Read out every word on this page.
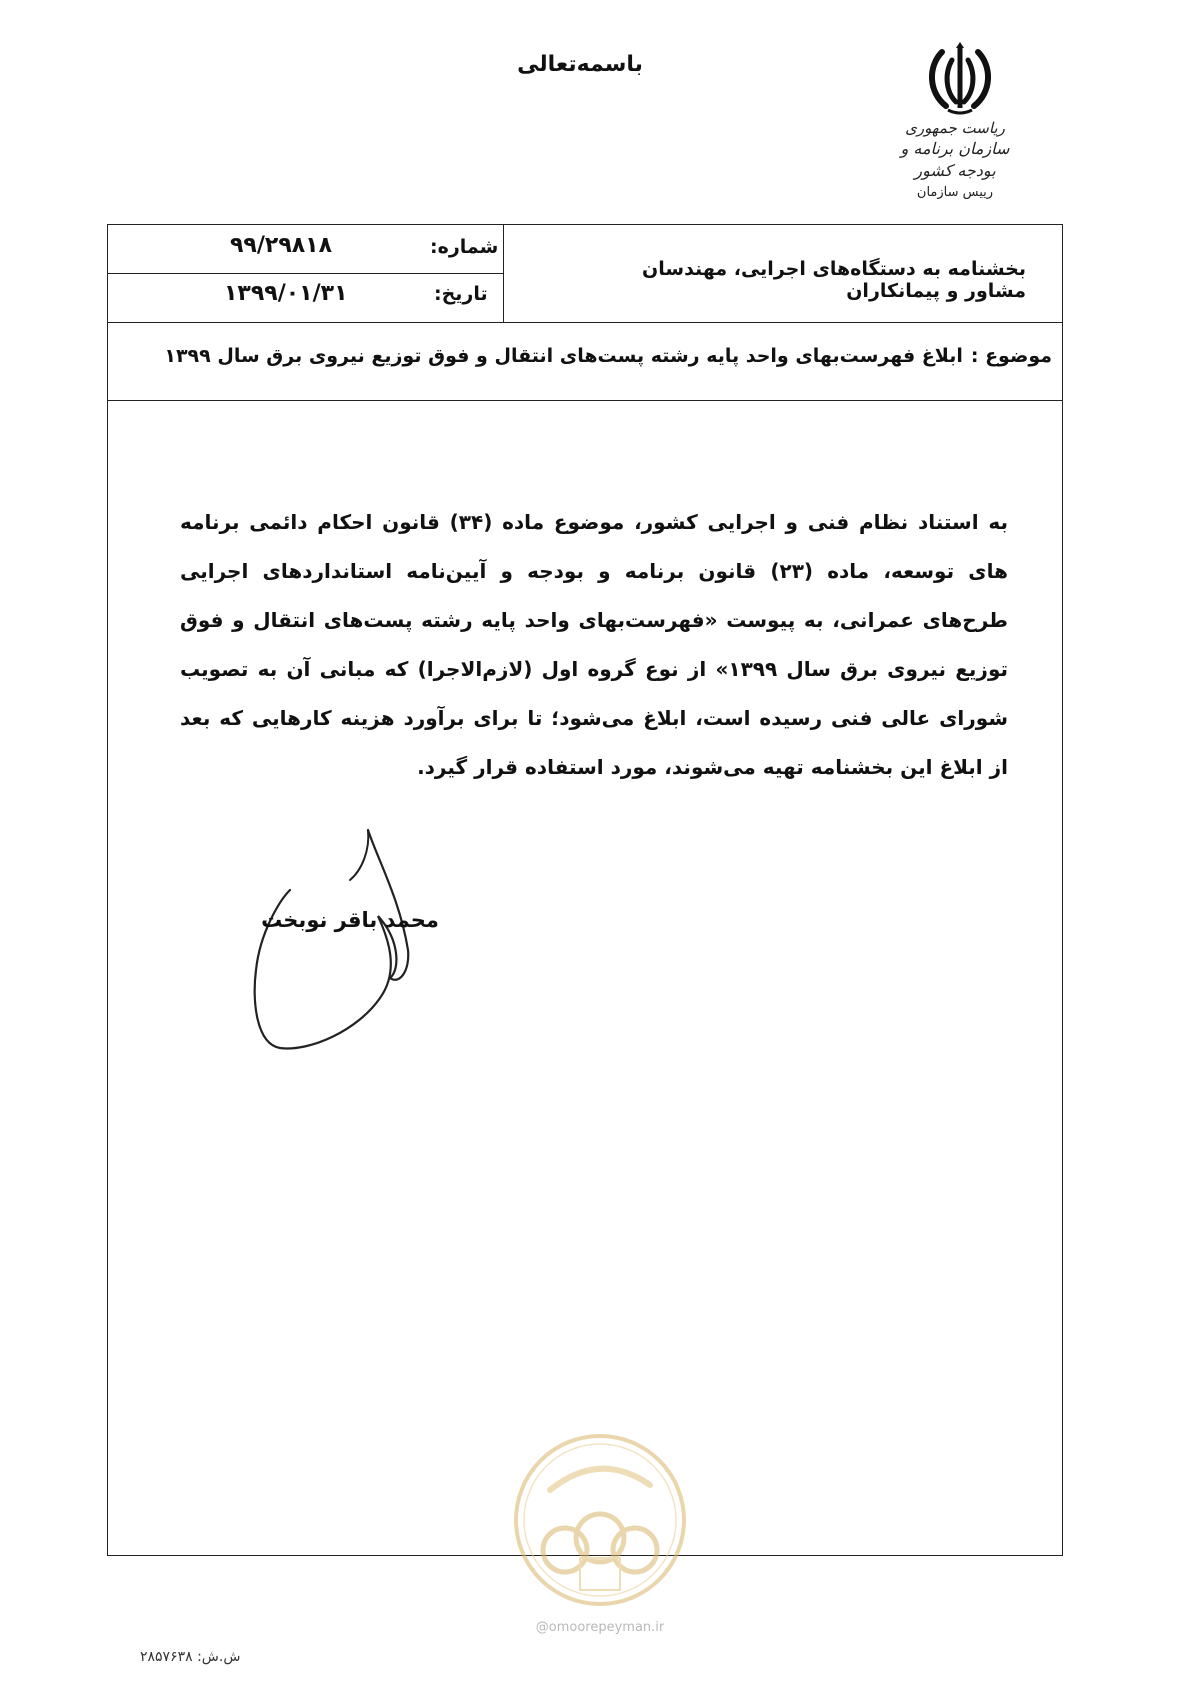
باسمه‌تعالی
ریاست جمهوری
سازمان برنامه و بودجه کشور
رییس سازمان
شماره:
۹۹/۲۹۸۱۸
تاریخ:
۱۳۹۹/۰۱/۳۱
بخشنامه به دستگاه‌های اجرایی، مهندسان مشاور و پیمانکاران
موضوع :ابلاغ فهرست‌بهای واحد پایه رشته پست‌های انتقال و فوق توزیع نیروی برق سال ۱۳۹۹

به استناد نظام فنی و اجرایی کشور، موضوع ماده (۳۴) قانون احکام دائمی برنامه های توسعه، ماده (۲۳) قانون برنامه و بودجه و آیین‌نامه استانداردهای اجرایی طرح‌های عمرانی، به پیوست «فهرست‌بهای واحد پایه رشته پست‌های انتقال و فوق توزیع نیروی برق سال ۱۳۹۹» از نوع گروه اول (لازم‌الاجرا) که مبانی آن به تصویب شورای عالی فنی رسیده است، ابلاغ می‌شود؛ تا برای برآورد هزینه کارهایی که بعد از ابلاغ این بخشنامه تهیه می‌شوند، مورد استفاده قرار گیرد.

محمد باقر نوبخت
@omoorepeyman.ir
ش.ش: ۲۸۵۷۶۳۸
